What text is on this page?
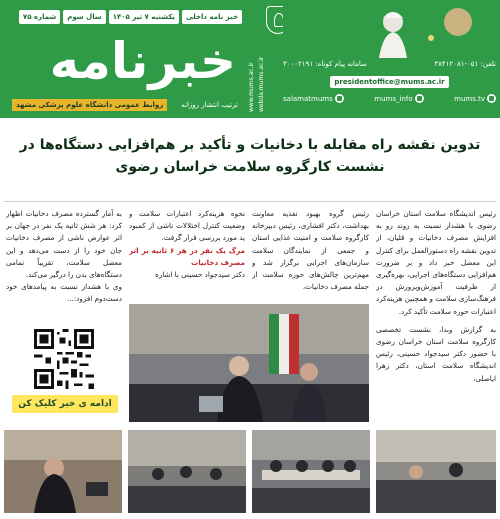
خبر نامه داخلی
یکشنبه ۷ تیر ۱۴۰۵
سال سوم
شماره ۷۵
خبرنامه
ترتیب انتشار روزانه
روابط عمومی دانشگاه علوم پزشکی مشهد	www.mums.ac.ir webda.mums.ac.ir	تلفن: ۰۵۱-۳۸۴۱۲۰۸۱
سامانه پیام کوتاه: ۳۰۰۰۲۱۹۱
presidentoffice@mums.ac.ir
mums.tv
mums_info
salamatmums
تدوین نقشه راه مقابله با دخانیات و تأکید بر هم‌افزایی دستگاه‌ها در
نشست کارگروه سلامت خراسان رضوی

رئیس اندیشگاه سلامت استان خراسان رضوی با هشدار نسبت به روند رو به افزایش مصرف دخانیات و قلیان، از تدوین نقشه راه دستورالعمل برای کنترل این معضل خبر داد و بر ضرورت هم‌افزایی دستگاه‌های اجرایی، بهره‌گیری از ظرفیت آموزش‌وپرورش در فرهنگ‌سازی سلامت و همچنین هزینه‌کرد اعتبارات حوزه سلامت تأکید کرد.

به گزارش وبدا، نشست تخصصی کارگروه سلامت استان خراسان رضوی با حضور دکتر سیدجواد حسینی، رئیس اندیشگاه سلامت استان، دکتر زهرا ایاصلی،

رئیس گروه بهبود تغذیه معاونت بهداشت، دکتر افشاری، رئیس دبیرخانه کارگروه سلامت و امنیت غذایی استان و جمعی از نمایندگان سلامت سازمان‌های اجرایی برگزار شد و مهم‌ترین چالش‌های حوزه سلامت از جمله مصرف دخانیات،

نحوه هزینه‌کرد اعتبارات سلامت و وضعیت کنترل اختلالات ناشی از کمبود ید مورد بررسی قرار گرفت.

مرگ یک نفر در هر ۶ ثانیه بر اثر مصرف دخانیات

دکتر سیدجواد حسینی با اشاره

به آمار گسترده مصرف دخانیات اظهار کرد: هر شش ثانیه یک نفر در جهان بر اثر عوارض ناشی از مصرف دخانیات جان خود را از دست می‌دهد و این معضل سلامت، تقریباً تمامی دستگاه‌های بدن را درگیر می‌کند.

وی با هشدار نسبت به پیامدهای خود دست‌دوم افزود:...

ادامه ی خبر کلیک کن
